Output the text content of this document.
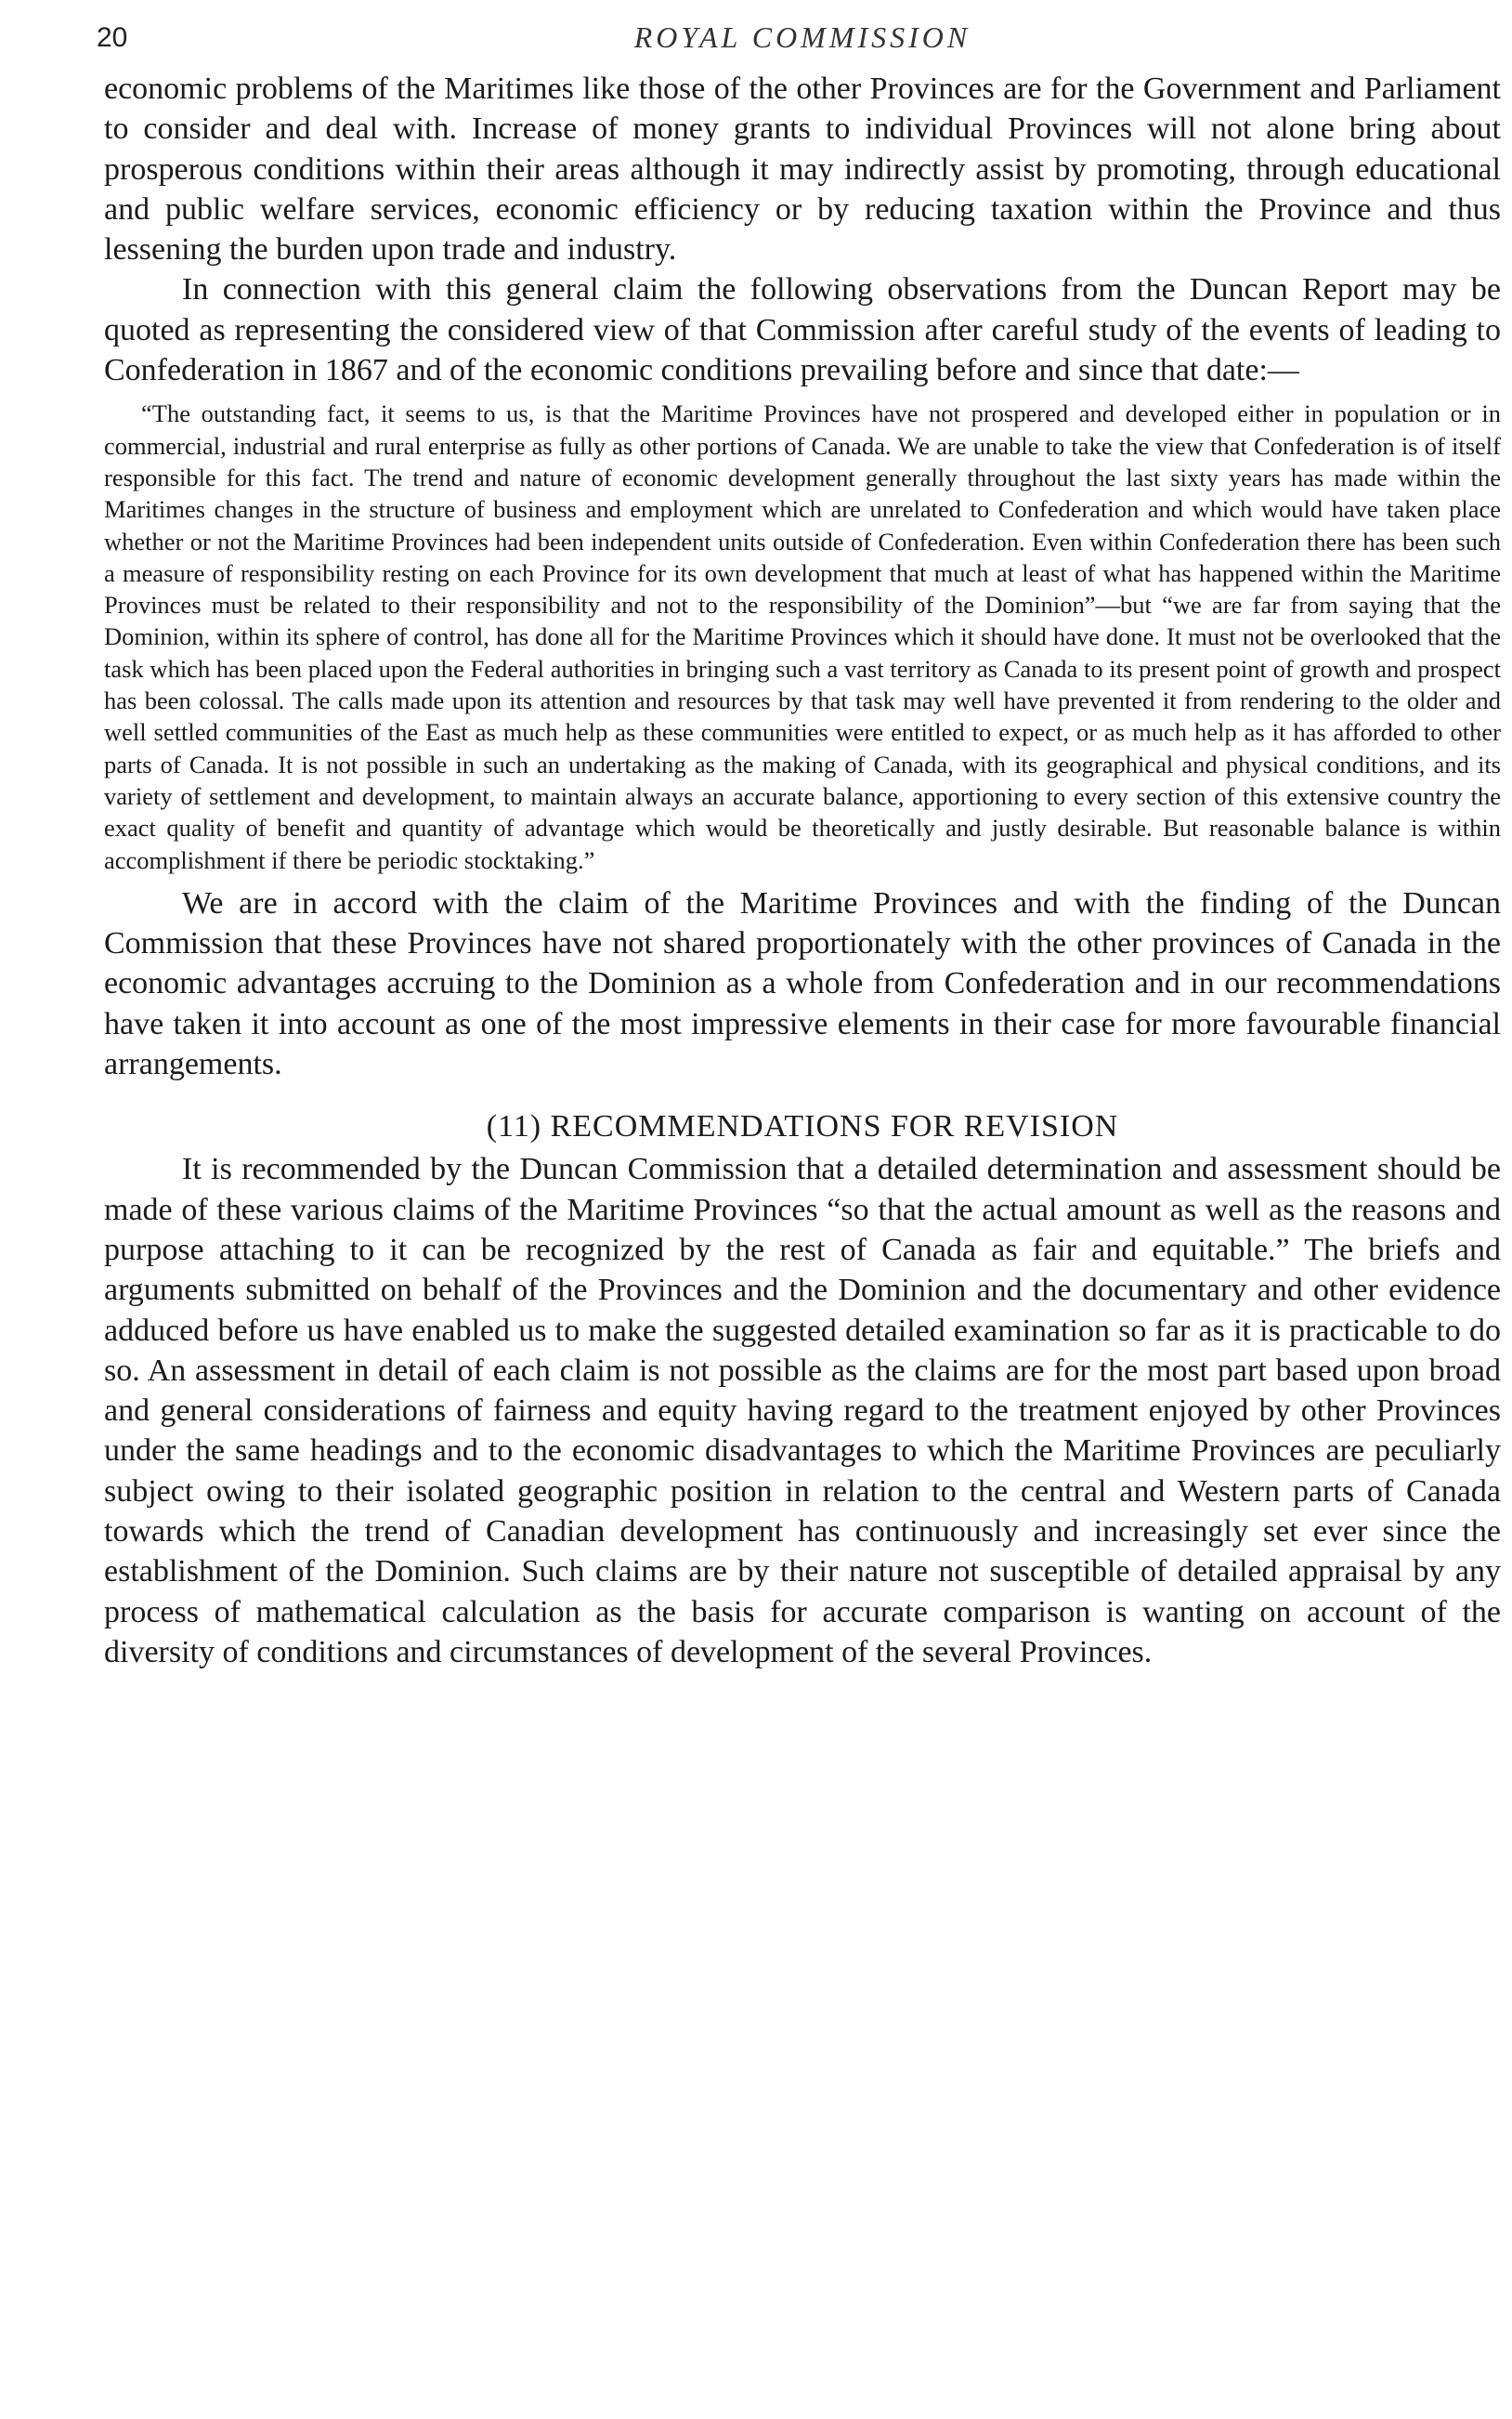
20	ROYAL COMMISSION

economic problems of the Maritimes like those of the other Provinces are for the Government and Parliament to consider and deal with. Increase of money grants to individual Provinces will not alone bring about prosperous conditions within their areas although it may indirectly assist by promoting, through educational and public welfare services, economic efficiency or by reducing taxation within the Province and thus lessening the burden upon trade and industry.

In connection with this general claim the following observations from the Duncan Report may be quoted as representing the considered view of that Commission after careful study of the events of leading to Confederation in 1867 and of the economic conditions prevailing before and since that date:—

“The outstanding fact, it seems to us, is that the Maritime Provinces have not prospered and developed either in population or in commercial, industrial and rural enterprise as fully as other portions of Canada. We are unable to take the view that Confederation is of itself responsible for this fact. The trend and nature of economic development generally throughout the last sixty years has made within the Maritimes changes in the structure of business and employment which are unrelated to Confederation and which would have taken place whether or not the Maritime Provinces had been independent units outside of Confederation. Even within Confederation there has been such a measure of responsibility resting on each Province for its own development that much at least of what has happened within the Maritime Provinces must be related to their responsibility and not to the responsibility of the Dominion”—but “we are far from saying that the Dominion, within its sphere of control, has done all for the Maritime Provinces which it should have done. It must not be overlooked that the task which has been placed upon the Federal authorities in bringing such a vast territory as Canada to its present point of growth and prospect has been colossal. The calls made upon its attention and resources by that task may well have prevented it from rendering to the older and well settled communities of the East as much help as these communities were entitled to expect, or as much help as it has afforded to other parts of Canada. It is not possible in such an undertaking as the making of Canada, with its geographical and physical conditions, and its variety of settlement and development, to maintain always an accurate balance, apportioning to every section of this extensive country the exact quality of benefit and quantity of advantage which would be theoretically and justly desirable. But reasonable balance is within accomplishment if there be periodic stocktaking.”

We are in accord with the claim of the Maritime Provinces and with the finding of the Duncan Commission that these Provinces have not shared proportionately with the other provinces of Canada in the economic advantages accruing to the Dominion as a whole from Confederation and in our recommendations have taken it into account as one of the most impressive elements in their case for more favourable financial arrangements.

(11) RECOMMENDATIONS FOR REVISION

It is recommended by the Duncan Commission that a detailed determination and assessment should be made of these various claims of the Maritime Provinces “so that the actual amount as well as the reasons and purpose attaching to it can be recognized by the rest of Canada as fair and equitable.” The briefs and arguments submitted on behalf of the Provinces and the Dominion and the documentary and other evidence adduced before us have enabled us to make the suggested detailed examination so far as it is practicable to do so. An assessment in detail of each claim is not possible as the claims are for the most part based upon broad and general considerations of fairness and equity having regard to the treatment enjoyed by other Provinces under the same headings and to the economic disadvantages to which the Maritime Provinces are peculiarly subject owing to their isolated geographic position in relation to the central and Western parts of Canada towards which the trend of Canadian development has continuously and increasingly set ever since the establishment of the Dominion. Such claims are by their nature not susceptible of detailed appraisal by any process of mathematical calculation as the basis for accurate comparison is wanting on account of the diversity of conditions and circumstances of development of the several Provinces.
